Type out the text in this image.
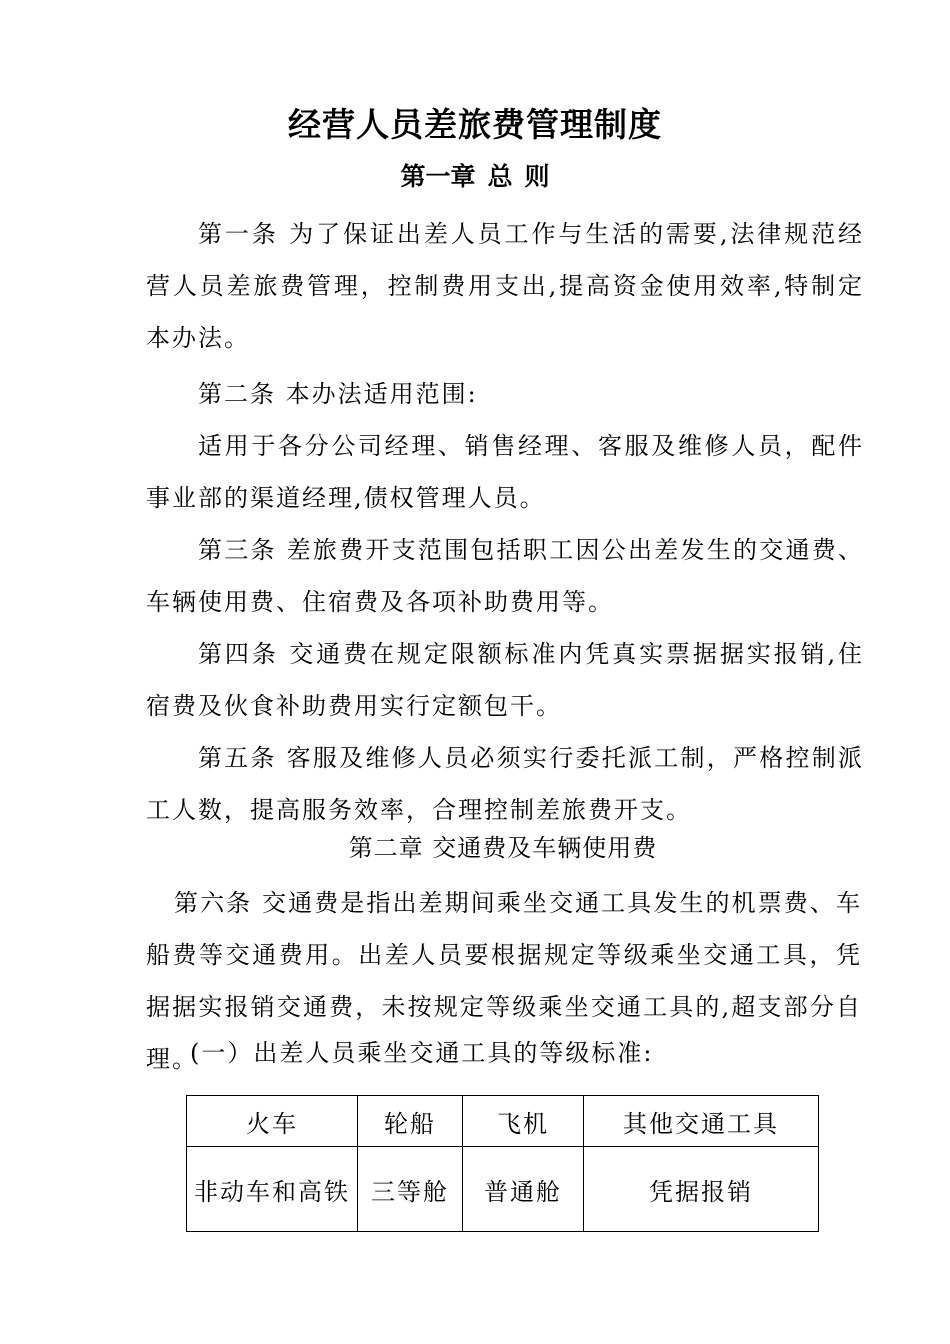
经营人员差旅费管理制度
第一章 总 则

第一条 为了保证出差人员工作与生活的需要,法律规范经营人员差旅费管理，控制费用支出,提高资金使用效率,特制定本办法。

第二条 本办法适用范围:

适用于各分公司经理、销售经理、客服及维修人员，配件事业部的渠道经理,债权管理人员。

第三条 差旅费开支范围包括职工因公出差发生的交通费、车辆使用费、住宿费及各项补助费用等。

第四条 交通费在规定限额标准内凭真实票据据实报销,住宿费及伙食补助费用实行定额包干。

第五条 客服及维修人员必须实行委托派工制，严格控制派工人数，提高服务效率，合理控制差旅费开支。

第二章 交通费及车辆使用费

第六条 交通费是指出差期间乘坐交通工具发生的机票费、车船费等交通费用。出差人员要根据规定等级乘坐交通工具，凭据据实报销交通费，未按规定等级乘坐交通工具的,超支部分自理。

(一）出差人员乘坐交通工具的等级标准:
火车	轮船	飞机	其他交通工具
非动车和高铁	三等舱	普通舱	凭据报销
